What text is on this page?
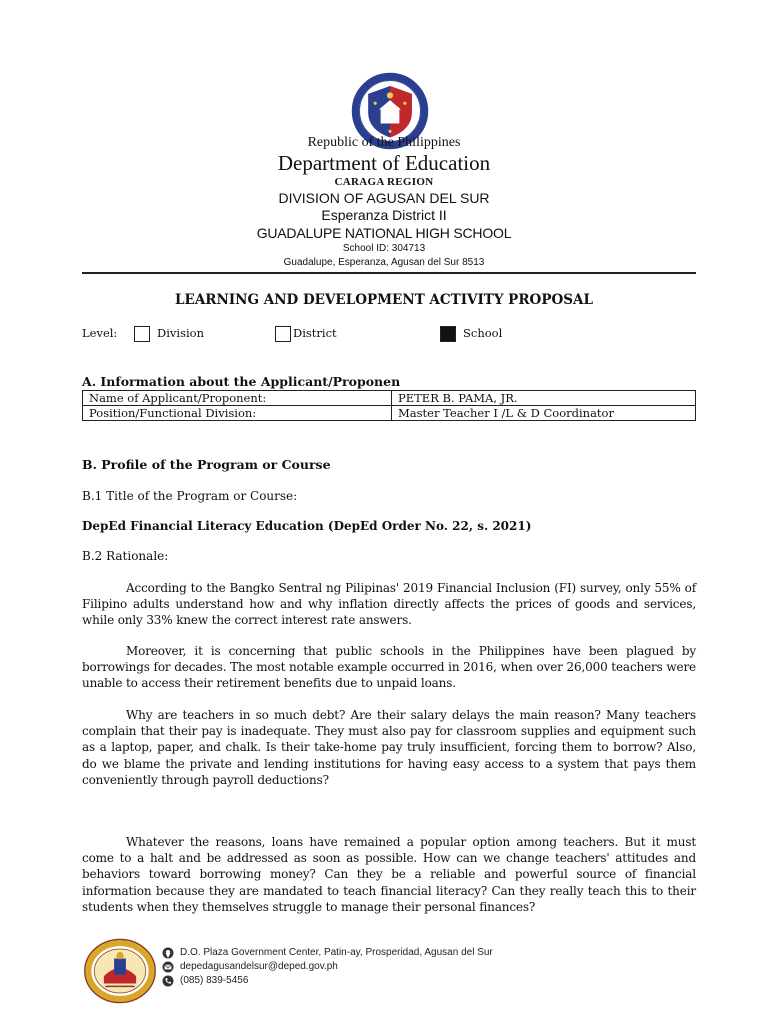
Republic of the Philippines
Department of Education
CARAGA REGION
DIVISION OF AGUSAN DEL SUR
Esperanza District II
GUADALUPE NATIONAL HIGH SCHOOL
School ID: 304713
Guadalupe, Esperanza, Agusan del Sur 8513
LEARNING AND DEVELOPMENT ACTIVITY PROPOSAL
Level:	Division	District	School
A. Information about the Applicant/Proponen
Name of Applicant/Proponent:	PETER B. PAMA, JR.
Position/Functional Division:	Master Teacher I /L & D Coordinator
B. Profile of the Program or Course
B.1 Title of the Program or Course:
DepEd Financial Literacy Education (DepEd Order No. 22, s. 2021)
B.2 Rationale:

According to the Bangko Sentral ng Pilipinas' 2019 Financial Inclusion (FI) survey, only 55% of Filipino adults understand how and why inflation directly affects the prices of goods and services, while only 33% knew the correct interest rate answers.

Moreover, it is concerning that public schools in the Philippines have been plagued by borrowings for decades. The most notable example occurred in 2016, when over 26,000 teachers were unable to access their retirement benefits due to unpaid loans.

Why are teachers in so much debt? Are their salary delays the main reason? Many teachers complain that their pay is inadequate. They must also pay for classroom supplies and equipment such as a laptop, paper, and chalk. Is their take-home pay truly insufficient, forcing them to borrow? Also, do we blame the private and lending institutions for having easy access to a system that pays them conveniently through payroll deductions?

Whatever the reasons, loans have remained a popular option among teachers. But it must come to a halt and be addressed as soon as possible. How can we change teachers' attitudes and behaviors toward borrowing money? Can they be a reliable and powerful source of financial information because they are mandated to teach financial literacy? Can they really teach this to their students when they themselves struggle to manage their personal finances?

D.O. Plaza Government Center, Patin-ay, Prosperidad, Agusan del Sur
depedagusandelsur@deped.gov.ph
(085) 839-5456
